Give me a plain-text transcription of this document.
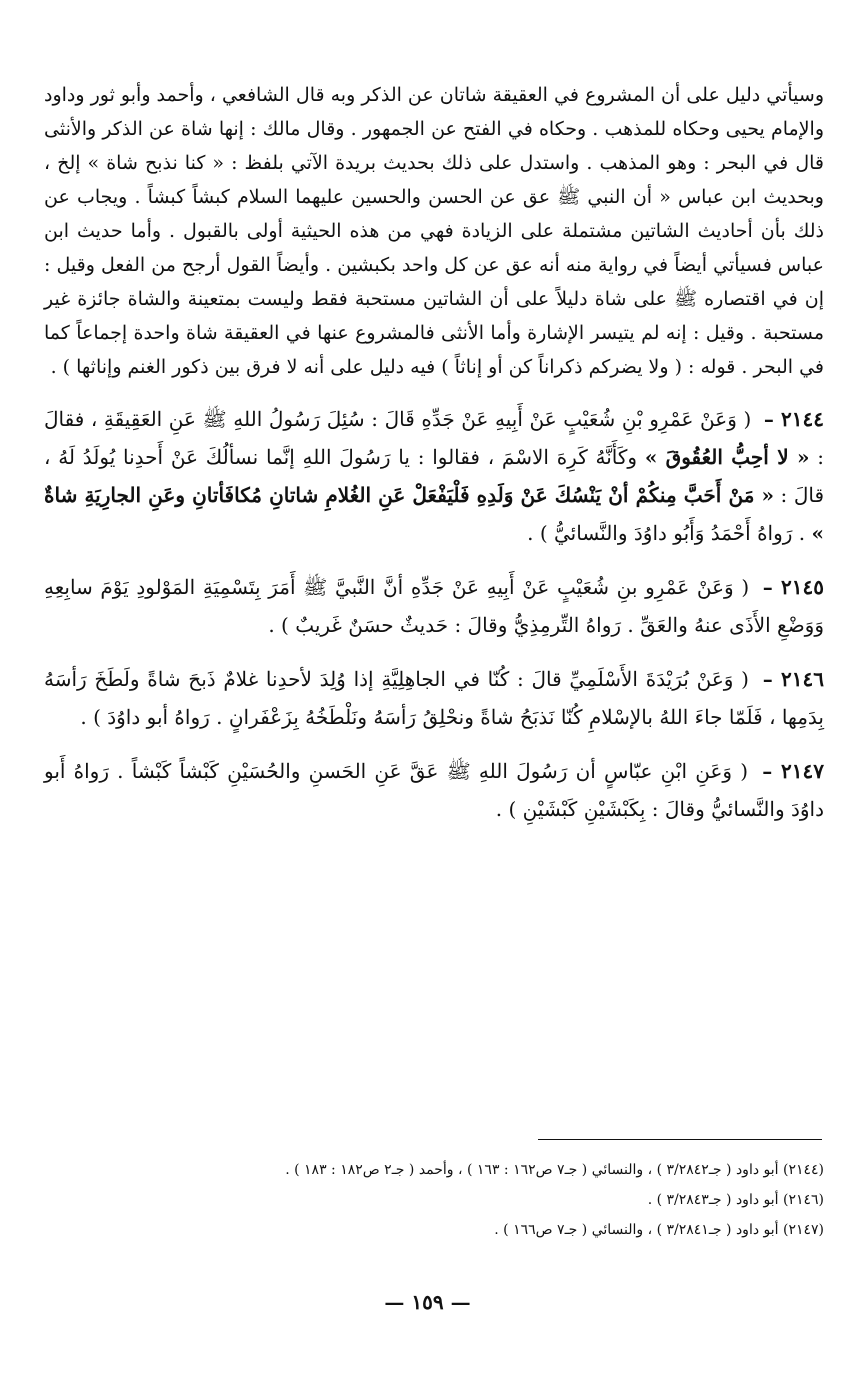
وسيأتي دليل على أن المشروع في العقيقة شاتان عن الذكر وبه قال الشافعي ، وأحمد وأبو ثور وداود والإمام يحيى وحكاه للمذهب . وحكاه في الفتح عن الجمهور . وقال مالك : إنها شاة عن الذكر والأنثى قال في البحر : وهو المذهب . واستدل على ذلك بحديث بريدة الآتي بلفظ : « كنا نذبح شاة » إلخ ، وبحديث ابن عباس « أن النبي ﷺ عق عن الحسن والحسين عليهما السلام كبشاً كبشاً . ويجاب عن ذلك بأن أحاديث الشاتين مشتملة على الزيادة فهي من هذه الحيثية أولى بالقبول . وأما حديث ابن عباس فسيأتي أيضاً في رواية منه أنه عق عن كل واحد بكبشين . وأيضاً القول أرجح من الفعل وقيل : إن في اقتصاره ﷺ على شاة دليلاً على أن الشاتين مستحبة فقط وليست بمتعينة والشاة جائزة غير مستحبة . وقيل : إنه لم يتيسر الإشارة وأما الأنثى فالمشروع عنها في العقيقة شاة واحدة إجماعاً كما في البحر . قوله : ( ولا يضركم ذكراناً كن أو إناثاً ) فيه دليل على أنه لا فرق بين ذكور الغنم وإناثها ) .

٢١٤٤ – ( وَعَنْ عَمْرِو بْنِ شُعَيْبٍ عَنْ أَبِيهِ عَنْ جَدِّهِ قَالَ : سُئِلَ رَسُولُ اللهِ ﷺ عَنِ العَقِيقَةِ ، فقالَ : « لا أحِبُّ العُقُوقَ » وكَأَنَّهُ كَرِهَ الاسْمَ ، فقالوا : يا رَسُولَ اللهِ إنَّما نسألُكَ عَنْ أَحدِنا يُولَدُ لَهُ ، قالَ : « مَنْ أَحَبَّ مِنكُمْ أنْ يَنْسُكَ عَنْ وَلَدِهِ فَلْيَفْعَلْ عَنِ الغُلامِ شاتانِ مُكافَأتانِ وعَنِ الجارِيَةِ شاةٌ » . رَواهُ أَحْمَدُ وَأَبُو داوُدَ والنَّسائيُّ ) .

٢١٤٥ – ( وَعَنْ عَمْرِو بنِ شُعَيْبٍ عَنْ أَبِيهِ عَنْ جَدِّهِ أنَّ النَّبيَّ ﷺ أَمَرَ بِتَسْمِيَةِ المَوْلودِ يَوْمَ سابِعِهِ وَوَضْعِ الأَذَى عنهُ والعَقِّ . رَواهُ التِّرمِذِيُّ وقالَ : حَديثٌ حسَنٌ غَريبٌ ) .

٢١٤٦ – ( وَعَنْ بُرَيْدَةَ الأَسْلَمِيِّ قالَ : كُنّا في الجاهِلِيَّةِ إذا وُلِدَ لأحدِنا غلامٌ ذَبحَ شاةً ولَطَخَ رَأسَهُ بِدَمِها ، فَلَمّا جاءَ اللهُ بالإسْلامِ كُنّا نَذبَحُ شاةً ونحْلِقُ رَأسَهُ ونَلْطَخُهُ بِزَعْفَرانٍ . رَواهُ أبو داوُدَ ) .

٢١٤٧ – ( وَعَنِ ابْنِ عبّاسٍ أن رَسُولَ اللهِ ﷺ عَقَّ عَنِ الحَسنِ والحُسَيْنِ كَبْشاً كَبْشاً . رَواهُ أَبو داوُدَ والنَّسائيُّ وقالَ : بِكَبْشَيْنِ كَبْشَيْنِ ) .

(٢١٤٤) أبو داود ( جـ٣/٢٨٤٢ ) ، والنسائي ( جـ٧ ص١٦٢ : ١٦٣ ) ، وأحمد ( جـ٢ ص١٨٢ : ١٨٣ ) .

(٢١٤٦) أبو داود ( جـ٣/٢٨٤٣ ) .

(٢١٤٧) أبو داود ( جـ٣/٢٨٤١ ) ، والنسائي ( جـ٧ ص١٦٦ ) .

— ١٥٩ —
